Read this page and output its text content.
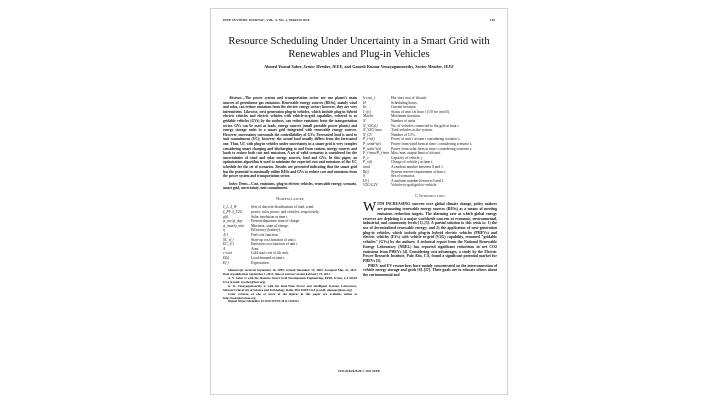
IEEE SYSTEMS JOURNAL, VOL. 4, NO. 1, MARCH 2010	149
Resource Scheduling Under Uncertainty in a Smart Grid with Renewables and Plug-in Vehicles
Ahmed Yousuf Saber, Senior Member, IEEE, and Ganesh Kumar Venayagamoorthy, Senior Member, IEEE
Abstract—The power system and transportation sector are our planet's main sources of greenhouse gas emissions. Renewable energy sources (RESs), mainly wind and solar, can reduce emissions from the electric energy sector; however, they are very intermittent. Likewise, next generation plug-in vehicles, which include plug-in hybrid electric vehicles and electric vehicles with vehicle-to-grid capability, referred to as gridable vehicles (GVs) by the authors, can reduce emissions from the transportation sector. GVs can be used as loads, energy sources (small portable power plants) and energy storage units in a smart grid integrated with renewable energy sources. However, uncertainty surrounds the controllability of GVs. Forecasted load is used to unit commitment (UC); however, the actual load usually differs from the forecasted one. Thus, UC with plug-in vehicles under uncertainty in a smart grid is very complex considering smart charging and discharging to and from various energy sources and loads to reduce both cost and emissions. A set of valid scenarios is considered for the uncertainties of wind and solar energy sources, load and GVs. In this paper, an optimization algorithm is used to minimize the expected cost and emissions of the UC schedule for the set of scenarios. Results are presented indicating that the smart grid has the potential to maximally utilize RESs and GVs to reduce cost and emissions from the power system and transportation sector.
Index Terms—Cost, emissions, plug-in electric vehicles, renewable energy, scenario, smart grid, uncertainty, unit commitment.
Nomenclature
ξ_L, ξ_W	Sets of discrete distributions of load, wind
ξ_PV, ξ_V2G	power, solar power, and vehicles, respectively.
ρ(t)	Solar insolation at time t.
ψ_arr/ψ_dep	Present/departure state of charge.
ψ_max/ψ_min	Min/max. state of charge.
η	Efficiency (battery).
J(·)	Fuel cost function.
SC_i(·)	Start-up cost function of unit i.
EC_i(·)	Emission cost function of unit i.
A	Area.
c-cost	Cold start cost of ith unit.
D(t)	Load demand at time t.
E(·)	Expectation.

Manuscript received September 16, 2009; revised December 15, 2009. Accepted May 22, 2011. Date of publication September 1, 2011; date of current version February 15, 2012.

A. Y. Saber is with the Siemens Smart Grid Development Engineering, EPRI, Irvine, CA 92618 USA (e-mail: aysaber@ieee.org).

G. K. Venayagamoorthy is with the Real-Time Power and Intelligent Systems Laboratory, Missouri University of Science and Technology, Rolla, MO 65409 USA (e-mail: gkumar@ieee.org).

Color versions of one or more of the figures in this paper are available online at http://ieeexplore.ieee.org.

Digital Object Identifier 10.1109/JSYST.2011.2163012

h-cost_i	Hot start cost of ith unit.
H	Scheduling hours.
Itr	Current iteration.
I_i(t)	Status of unit i at hour t (1/0 for on/off).
MaxItr	Maximum iteration.
N	Number of units.
N_V2G(t)	No. of vehicles connected to the grid at hour t.
N_V2G^max	Total vehicles in the system.
N_GV	Number of GVs.
P_i^s(t)	Power of unit i at time t considering scenario s.
P_wind^s(t)	Power from wind farm at time t considering scenario s.
P_solar^s(t)	Power from solar farm at time t considering scenario s.
P_i^max/P_i^min Max./min. output limit of ith unit.
P_v	Capacity of vehicle j.
P_v(t)	Charge of vehicle j at time t.
rand	A random number between 0 and 1.
R(t)	System reserve requirement at hour t.
S	Set of scenarios.
U(·)	A uniform number between 0 and 1.
V2G/G2V	Vehicle-to-grid/grid-to-vehicle.
I. Introduction

WITH INCREASING concern over global climate change, policy makers are promoting renewable energy sources (RESs) as a means of meeting emissions reduction targets. The alarming rate at which global energy reserves are depleting is a major worldwide concern at economic, environmental, industrial, and community levels [1]–[3]. A partial solution to this crisis is: 1) the use of decentralized renewable energy; and 2) the application of next-generation plug-in vehicles, which include plug-in hybrid electric vehicles (PHEVs) and electric vehicles (EVs) with vehicle-to-grid (V2G) capability, renamed "gridable vehicles" (GVs) by the authors. A technical report from the National Renewable Energy Laboratory (NREL) has reported significant reductions in net CO2 emissions from PHEVs [4]. Considering cost advantages, a study by the Electric Power Research Institute, Palo Alto, CA, found a significant potential market for PHEVs [5].

PHEV and EV researchers have mainly concentrated on the interconnection of vehicle energy storage and grids [6]–[27]. Their goals are to educate others about the environmental and

1932-8184/$26.00 © 2011 IEEE
